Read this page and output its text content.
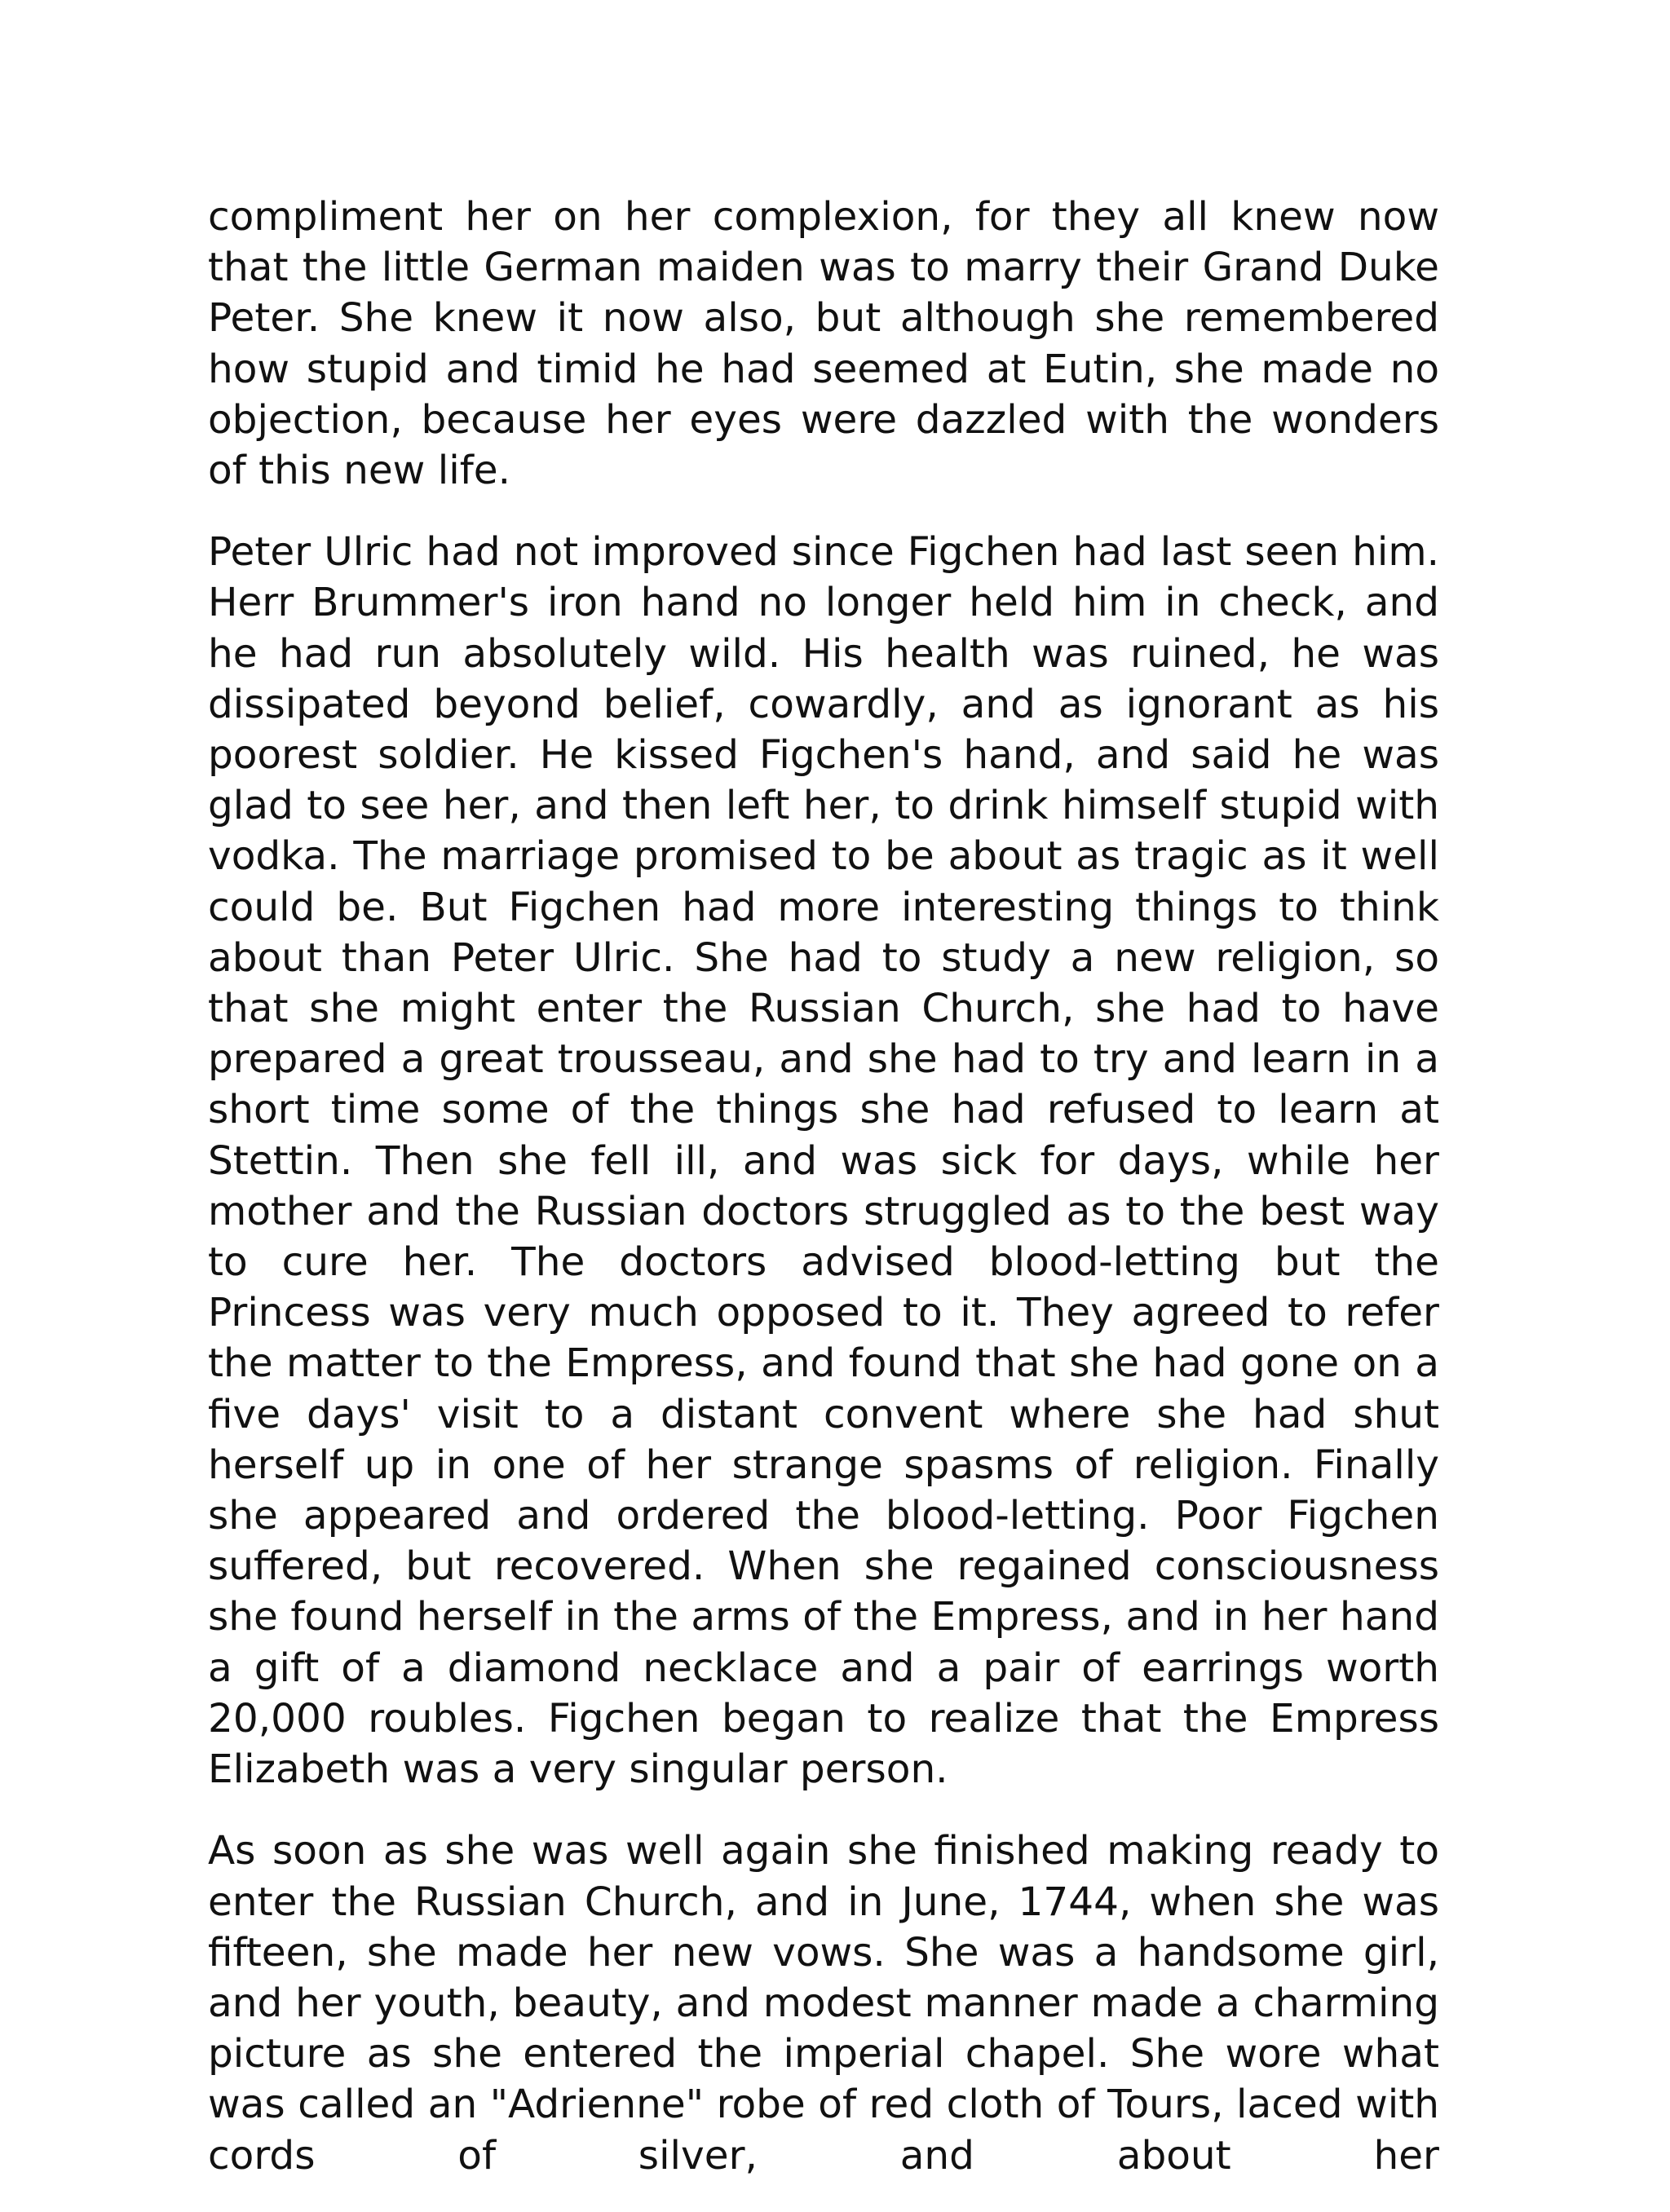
compliment her on her complexion, for they all knew now that the little German maiden was to marry their Grand Duke Peter. She knew it now also, but although she remembered how stupid and timid he had seemed at Eutin, she made no objection, because her eyes were dazzled with the wonders of this new life.

Peter Ulric had not improved since Figchen had last seen him. Herr Brummer's iron hand no longer held him in check, and he had run absolutely wild. His health was ruined, he was dissipated beyond belief, cowardly, and as ignorant as his poorest soldier. He kissed Figchen's hand, and said he was glad to see her, and then left her, to drink himself stupid with vodka. The marriage promised to be about as tragic as it well could be. But Figchen had more interesting things to think about than Peter Ulric. She had to study a new religion, so that she might enter the Russian Church, she had to have prepared a great trousseau, and she had to try and learn in a short time some of the things she had refused to learn at Stettin. Then she fell ill, and was sick for days, while her mother and the Russian doctors struggled as to the best way to cure her. The doctors advised blood-letting but the Princess was very much opposed to it. They agreed to refer the matter to the Empress, and found that she had gone on a five days' visit to a distant convent where she had shut herself up in one of her strange spasms of religion. Finally she appeared and ordered the blood-letting. Poor Figchen suffered, but recovered. When she regained consciousness she found herself in the arms of the Empress, and in her hand a gift of a diamond necklace and a pair of earrings worth 20,000 roubles. Figchen began to realize that the Empress Elizabeth was a very singular person.

As soon as she was well again she finished making ready to enter the Russian Church, and in June, 1744, when she was fifteen, she made her new vows. She was a handsome girl, and her youth, beauty, and modest manner made a charming picture as she entered the imperial chapel. She wore what was called an "Adrienne" robe of red cloth of Tours, laced with cords of silver, and about her
